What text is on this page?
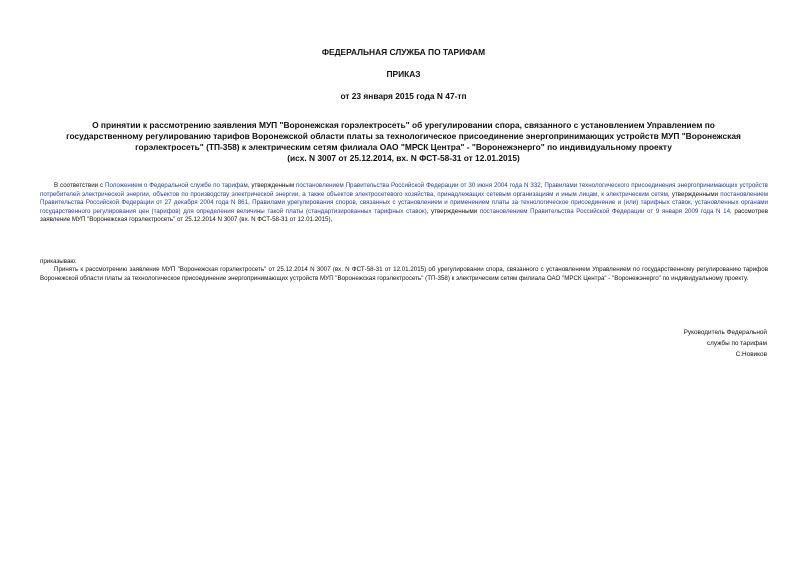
ФЕДЕРАЛЬНАЯ СЛУЖБА ПО ТАРИФАМ
ПРИКАЗ
от 23 января 2015 года N 47-тп
О принятии к рассмотрению заявления МУП "Воронежская горэлектросеть" об урегулировании спора, связанного с установлением Управлением по
государственному регулированию тарифов Воронежской области платы за технологическое присоединение энергопринимающих устройств МУП "Воронежская
горэлектросеть" (ТП-358) к электрическим сетям филиала ОАО "МРСК Центра" - "Воронежэнерго" по индивидуальному проекту
(исх. N 3007 от 25.12.2014, вх. N ФСТ-58-31 от 12.01.2015)
В соответствии с Положением о Федеральной службе по тарифам, утвержденным постановлением Правительства Российской Федерации от 30 июня 2004 года N 332, Правилами технологического присоединения энергопринимающих устройств потребителей электрической энергии, объектов по производству электрической энергии, а также объектов электросетевого хозяйства, принадлежащих сетевым организациям и иным лицам, к электрическим сетям, утвержденными постановлением Правительства Российской Федерации от 27 декабря 2004 года N 861, Правилами урегулирования споров, связанных с установлением и применением платы за технологическое присоединение и (или) тарифных ставок, установленных органами государственного регулирования цен (тарифов) для определения величины такой платы (стандартизированных тарифных ставок), утвержденными постановлением Правительства Российской Федерации от 9 января 2009 года N 14, рассмотрев заявление МУП "Воронежская горэлектросеть" от 25.12.2014 N 3007 (вх. N ФСТ-58-31 от 12.01.2015),
приказываю:
Принять к рассмотрению заявление МУП "Воронежская горэлектросеть" от 25.12.2014 N 3007 (вх. N ФСТ-58-31 от 12.01.2015) об урегулировании спора, связанного с установлением Управлением по государственному регулированию тарифов Воронежской области платы за технологическое присоединение энергопринимающих устройств МУП "Воронежская горэлектросеть" (ТП-358) к электрическим сетям филиала ОАО "МРСК Центра" - "Воронежэнерго" по индивидуальному проекту.
Руководитель Федеральной
службы по тарифам
С.Новиков
